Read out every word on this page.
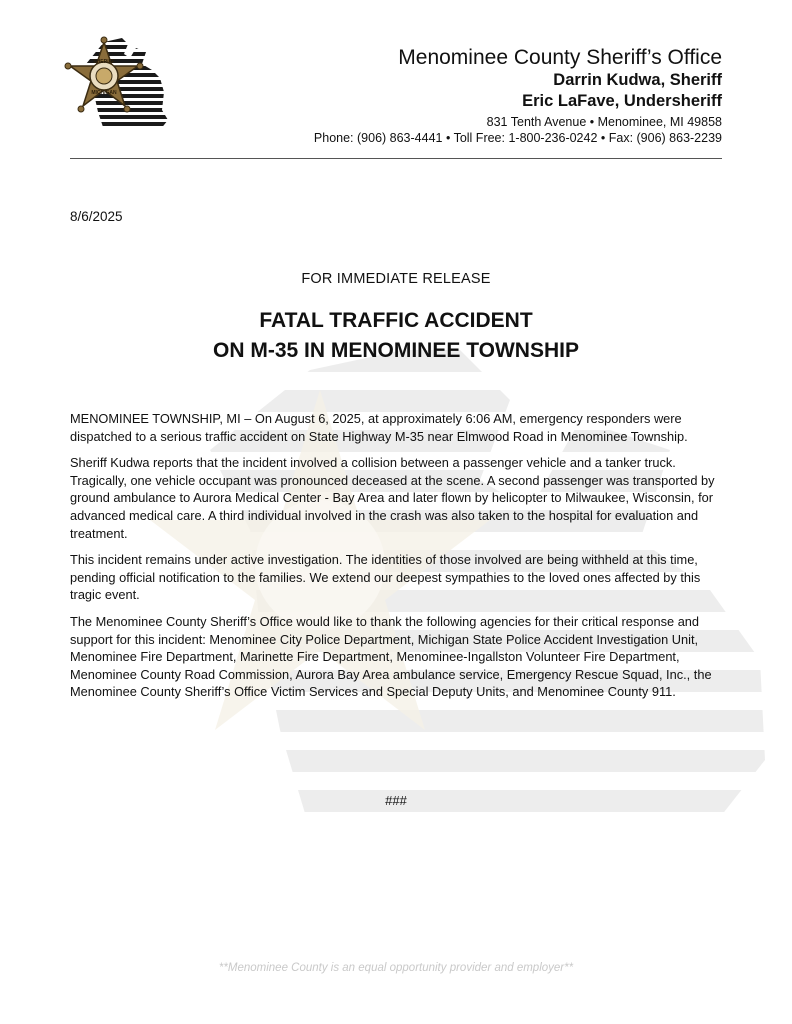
SHERIFF
MICHIGAN
Menominee County Sheriff’s Office
Darrin Kudwa, Sheriff
Eric LaFave, Undersheriff
831 Tenth Avenue • Menominee, MI 49858
Phone: (906) 863-4441 • Toll Free: 1-800-236-0242 • Fax: (906) 863-2239
8/6/2025
FOR IMMEDIATE RELEASE
FATAL TRAFFIC ACCIDENT
ON M-35 IN MENOMINEE TOWNSHIP

MENOMINEE TOWNSHIP, MI – On August 6, 2025, at approximately 6:06 AM, emergency responders were dispatched to a serious traffic accident on State Highway M-35 near Elmwood Road in Menominee Township.

Sheriff Kudwa reports that the incident involved a collision between a passenger vehicle and a tanker truck. Tragically, one vehicle occupant was pronounced deceased at the scene. A second passenger was transported by ground ambulance to Aurora Medical Center - Bay Area and later flown by helicopter to Milwaukee, Wisconsin, for advanced medical care. A third individual involved in the crash was also taken to the hospital for evaluation and treatment.

This incident remains under active investigation. The identities of those involved are being withheld at this time, pending official notification to the families. We extend our deepest sympathies to the loved ones affected by this tragic event.

The Menominee County Sheriff’s Office would like to thank the following agencies for their critical response and support for this incident: Menominee City Police Department, Michigan State Police Accident Investigation Unit, Menominee Fire Department, Marinette Fire Department, Menominee-Ingallston Volunteer Fire Department, Menominee County Road Commission, Aurora Bay Area ambulance service, Emergency Rescue Squad, Inc., the Menominee County Sheriff’s Office Victim Services and Special Deputy Units, and Menominee County 911.

###
**Menominee County is an equal opportunity provider and employer**
